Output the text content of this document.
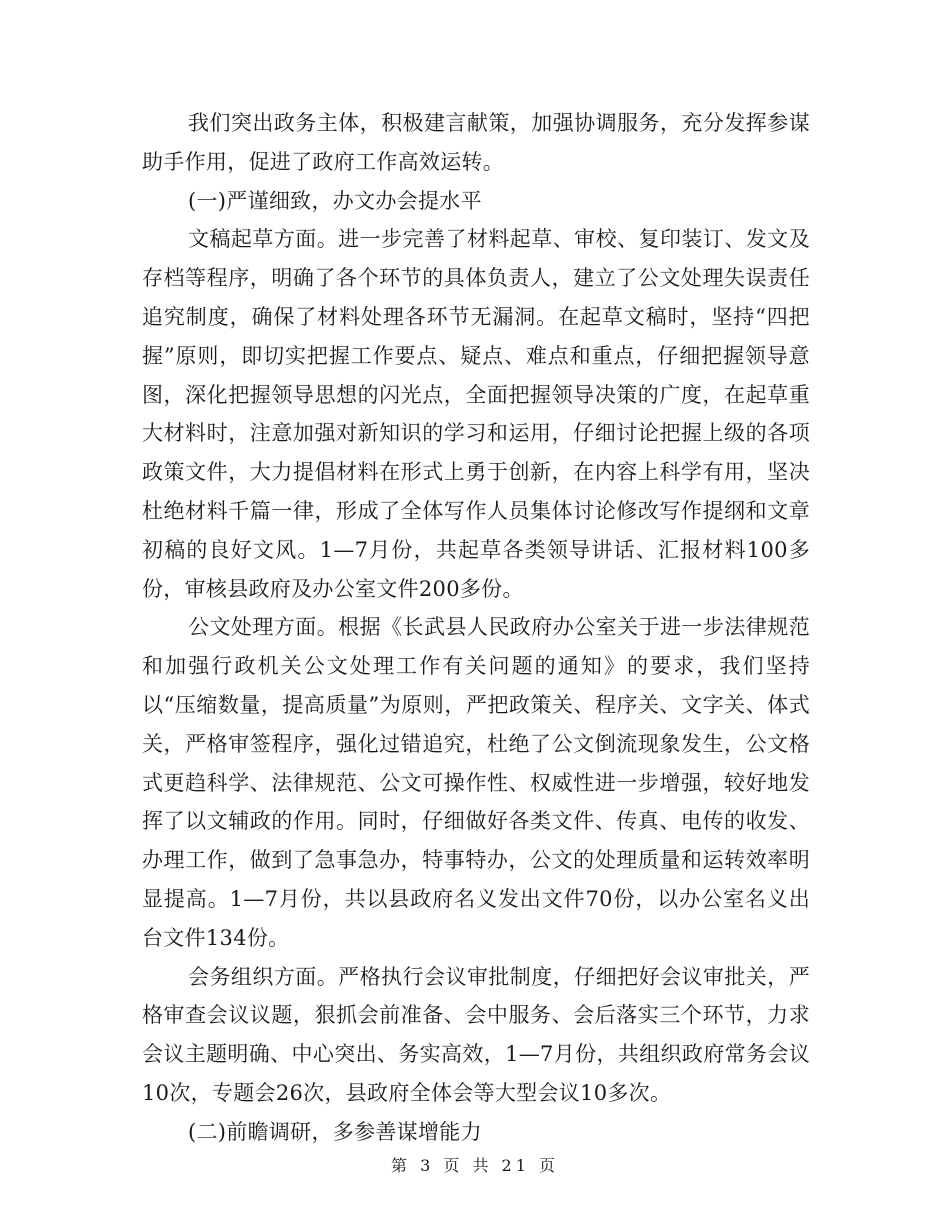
我们突出政务主体，积极建言献策，加强协调服务，充分发挥参谋助手作用，促进了政府工作高效运转。

(一)严谨细致，办文办会提水平

文稿起草方面。进一步完善了材料起草、审校、复印装订、发文及存档等程序，明确了各个环节的具体负责人，建立了公文处理失误责任追究制度，确保了材料处理各环节无漏洞。在起草文稿时，坚持“四把握”原则，即切实把握工作要点、疑点、难点和重点，仔细把握领导意图，深化把握领导思想的闪光点，全面把握领导决策的广度，在起草重大材料时，注意加强对新知识的学习和运用，仔细讨论把握上级的各项政策文件，大力提倡材料在形式上勇于创新，在内容上科学有用，坚决杜绝材料千篇一律，形成了全体写作人员集体讨论修改写作提纲和文章初稿的良好文风。1—7月份，共起草各类领导讲话、汇报材料100多份，审核县政府及办公室文件200多份。

公文处理方面。根据《长武县人民政府办公室关于进一步法律规范和加强行政机关公文处理工作有关问题的通知》的要求，我们坚持以“压缩数量，提高质量”为原则，严把政策关、程序关、文字关、体式关，严格审签程序，强化过错追究，杜绝了公文倒流现象发生，公文格式更趋科学、法律规范、公文可操作性、权威性进一步增强，较好地发挥了以文辅政的作用。同时，仔细做好各类文件、传真、电传的收发、办理工作，做到了急事急办，特事特办，公文的处理质量和运转效率明显提高。1—7月份，共以县政府名义发出文件70份，以办公室名义出台文件134份。

会务组织方面。严格执行会议审批制度，仔细把好会议审批关，严格审查会议议题，狠抓会前准备、会中服务、会后落实三个环节，力求会议主题明确、中心突出、务实高效，1—7月份，共组织政府常务会议10次，专题会26次，县政府全体会等大型会议10多次。

(二)前瞻调研，多参善谋增能力

第 3 页 共 21 页
